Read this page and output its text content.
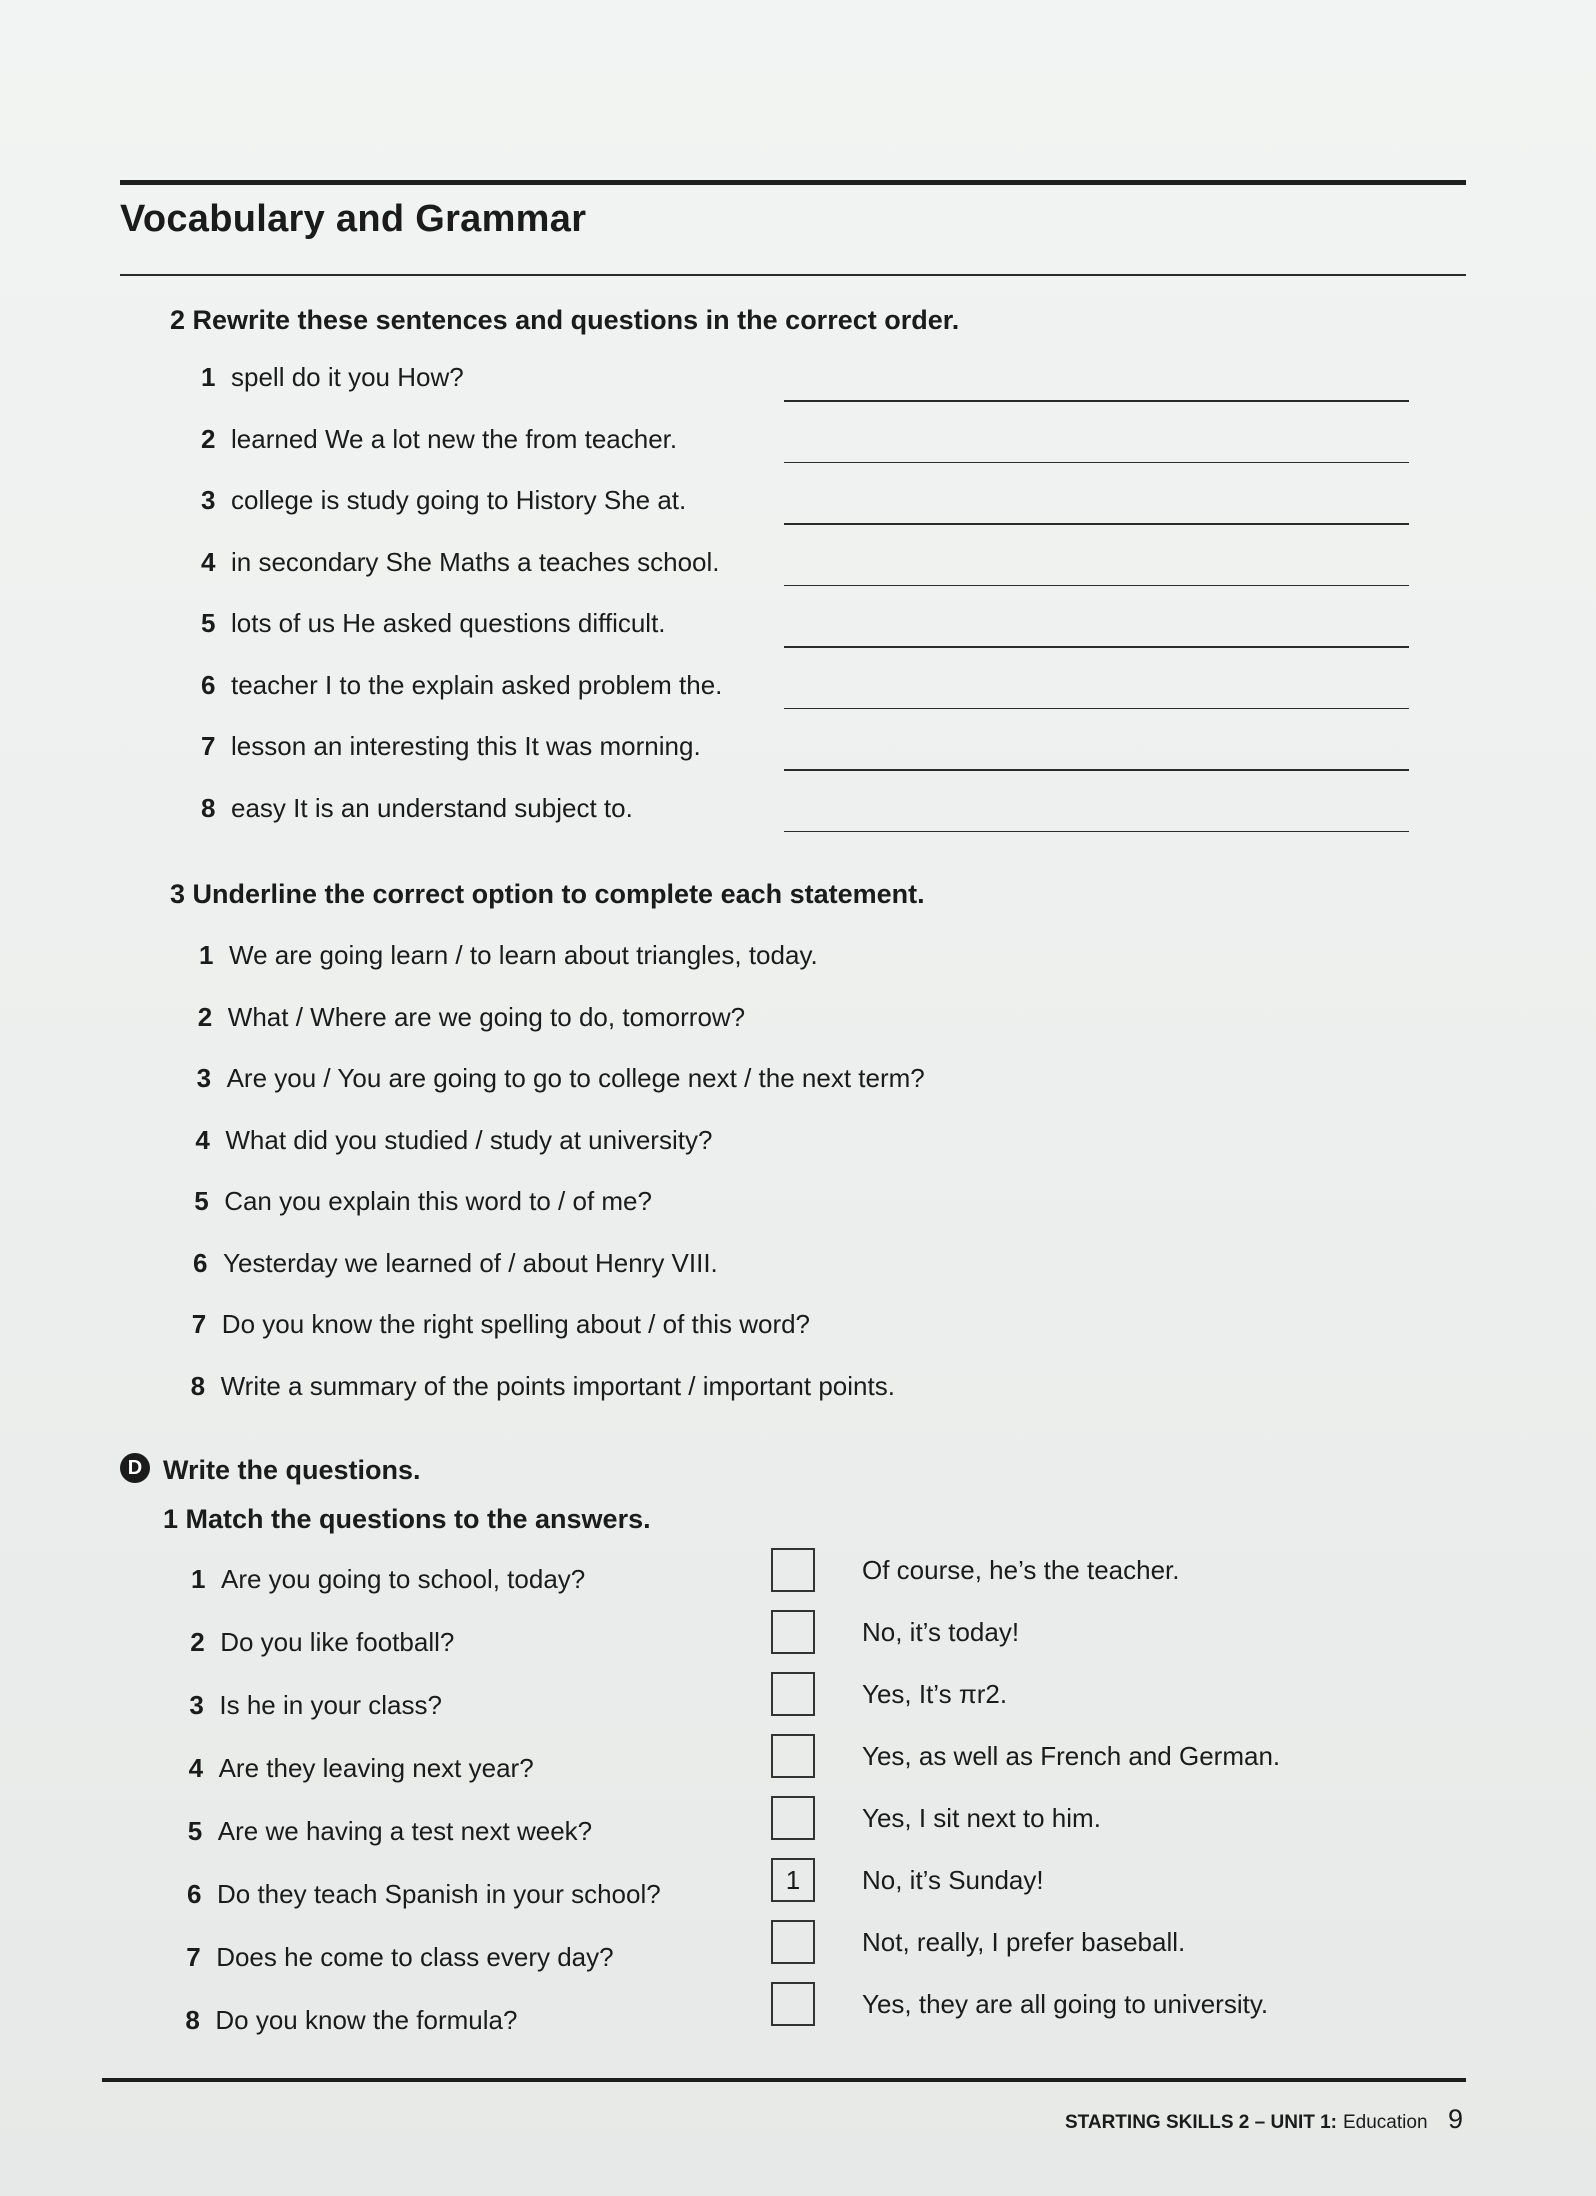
Vocabulary and Grammar
2 Rewrite these sentences and questions in the correct order.
1 spell do it you How?
2 learned We a lot new the from teacher.
3 college is study going to History She at.
4 in secondary She Maths a teaches school.
5 lots of us He asked questions difficult.
6 teacher I to the explain asked problem the.
7 lesson an interesting this It was morning.
8 easy It is an understand subject to.
3 Underline the correct option to complete each statement.
1 We are going learn / to learn about triangles, today.
2 What / Where are we going to do, tomorrow?
3 Are you / You are going to go to college next / the next term?
4 What did you studied / study at university?
5 Can you explain this word to / of me?
6 Yesterday we learned of / about Henry VIII.
7 Do you know the right spelling about / of this word?
8 Write a summary of the points important / important points.
D Write the questions.
1 Match the questions to the answers.
1 Are you going to school, today?
2 Do you like football?
3 Is he in your class?
4 Are they leaving next year?
5 Are we having a test next week?
6 Do they teach Spanish in your school?
7 Does he come to class every day?
8 Do you know the formula?
1
Of course, he’s the teacher.
No, it’s today!
Yes, It’s πr2.
Yes, as well as French and German.
Yes, I sit next to him.
No, it’s Sunday!
Not, really, I prefer baseball.
Yes, they are all going to university.
STARTING SKILLS 2 – UNIT 1: Education 9
